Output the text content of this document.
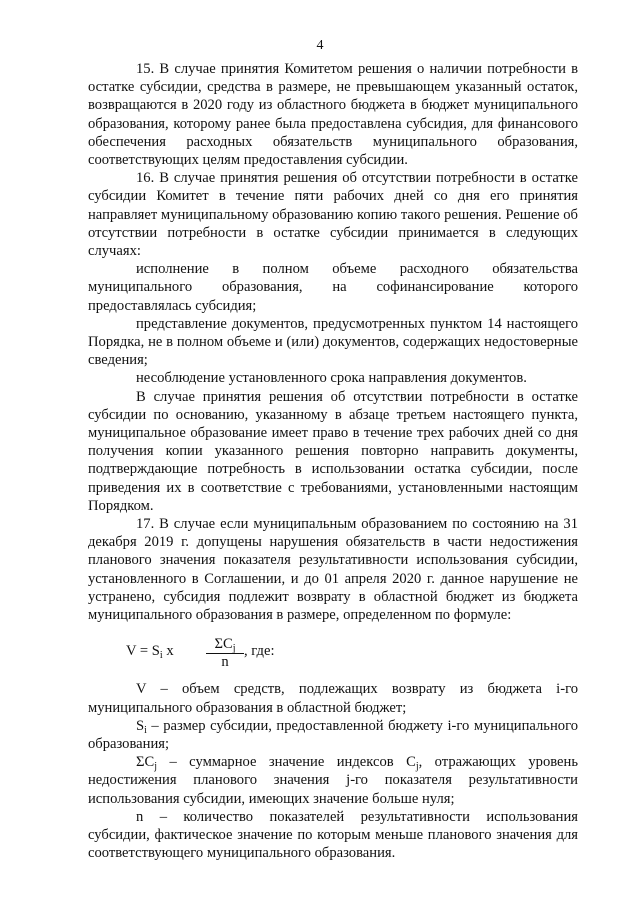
4

15. В случае принятия Комитетом решения о наличии потребности в остатке субсидии, средства в размере, не превышающем указанный остаток, возвращаются в 2020 году из областного бюджета в бюджет муниципального образования, которому ранее была предоставлена субсидия, для финансового обеспечения расходных обязательств муниципального образования, соответствующих целям предоставления субсидии.

16. В случае принятия решения об отсутствии потребности в остатке субсидии Комитет в течение пяти рабочих дней со дня его принятия направляет муниципальному образованию копию такого решения. Решение об отсутствии потребности в остатке субсидии принимается в следующих случаях:

исполнение в полном объеме расходного обязательства муниципального образования, на софинансирование которого предоставлялась субсидия;

представление документов, предусмотренных пунктом 14 настоящего Порядка, не в полном объеме и (или) документов, содержащих недостоверные сведения;

несоблюдение установленного срока направления документов.

В случае принятия решения об отсутствии потребности в остатке субсидии по основанию, указанному в абзаце третьем настоящего пункта, муниципальное образование имеет право в течение трех рабочих дней со дня получения копии указанного решения повторно направить документы, подтверждающие потребность в использовании остатка субсидии, после приведения их в соответствие с требованиями, установленными настоящим Порядком.

17. В случае если муниципальным образованием по состоянию на 31 декабря 2019 г. допущены нарушения обязательств в части недостижения планового значения показателя результативности использования субсидии, установленного в Соглашении, и до 01 апреля 2020 г. данное нарушение не устранено, субсидия подлежит возврату в областной бюджет из бюджета муниципального образования в размере, определенном по формуле:

$V = S_i$ x	$\Sigma C_j$
n
, где:

V – объем средств, подлежащих возврату из бюджета i-го муниципального образования в областной бюджет;

$S_i$ – размер субсидии, предоставленной бюджету i-го муниципального образования;

$\Sigma C_j$ – суммарное значение индексов $C_j$, отражающих уровень недостижения планового значения j-го показателя результативности использования субсидии, имеющих значение больше нуля;

n – количество показателей результативности использования субсидии, фактическое значение по которым меньше планового значения для соответствующего муниципального образования.
